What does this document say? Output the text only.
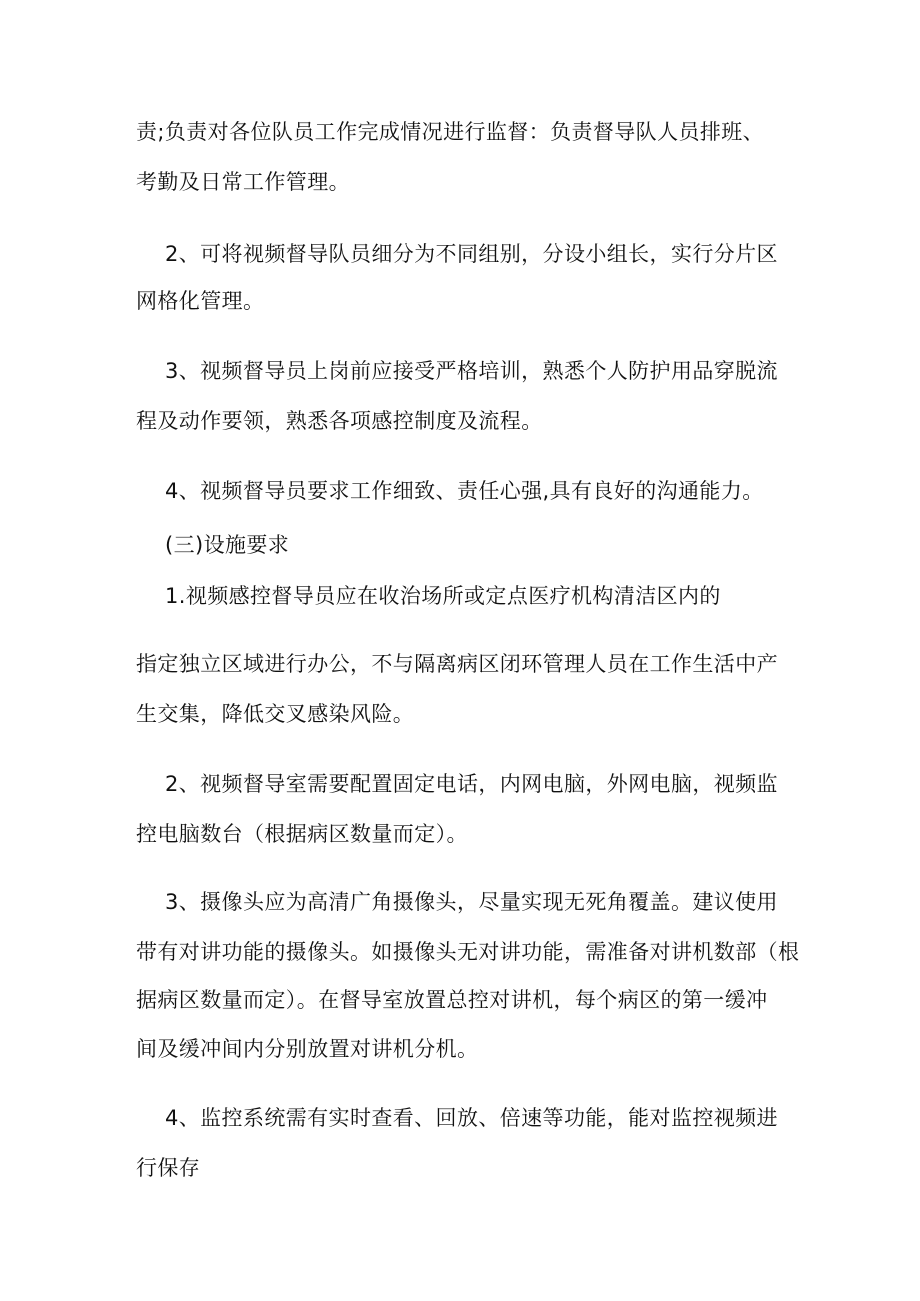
责;负责对各位队员工作完成情况进行监督：负责督导队人员排班、
考勤及日常工作管理。
2、可将视频督导队员细分为不同组别，分设小组长，实行分片区
网格化管理。
3、视频督导员上岗前应接受严格培训，熟悉个人防护用品穿脱流
程及动作要领，熟悉各项感控制度及流程。
4、视频督导员要求工作细致、责任心强,具有良好的沟通能力。
(三)设施要求
1.视频感控督导员应在收治场所或定点医疗机构清洁区内的
指定独立区域进行办公，不与隔离病区闭环管理人员在工作生活中产
生交集，降低交叉感染风险。
2、视频督导室需要配置固定电话，内网电脑，外网电脑，视频监
控电脑数台（根据病区数量而定）。
3、摄像头应为高清广角摄像头，尽量实现无死角覆盖。建议使用
带有对讲功能的摄像头。如摄像头无对讲功能，需准备对讲机数部（根
据病区数量而定）。在督导室放置总控对讲机，每个病区的第一缓冲
间及缓冲间内分别放置对讲机分机。
4、监控系统需有实时查看、回放、倍速等功能，能对监控视频进
行保存
